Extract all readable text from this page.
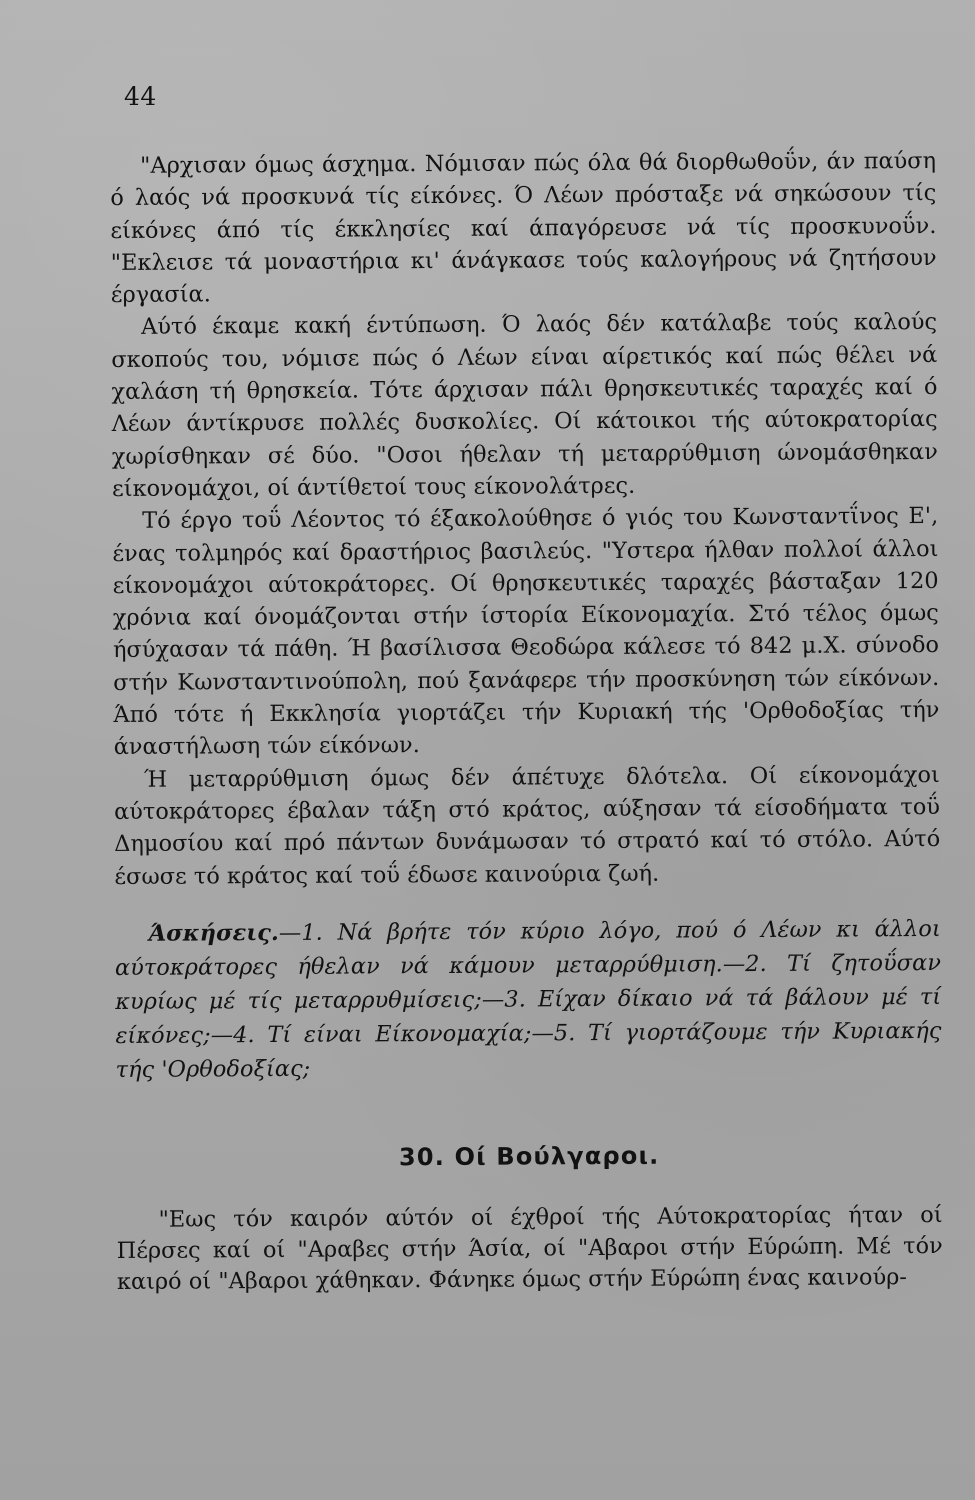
44

"Αρχισαν όμως άσχημα. Νόμισαν πώς όλα θά διορθωθοΰν, άν παύση ό λαός νά προσκυνά τίς είκόνες. Ό Λέων πρόσταξε νά σηκώσουν τίς είκόνες άπό τίς έκκλησίες καί άπαγόρευσε νά τίς προσκυνοΰν. "Εκλεισε τά μοναστήρια κι' άνάγκασε τούς καλογήρους νά ζητήσουν έργασία.

Αύτό έκαμε κακή έντύπωση. Ό λαός δέν κατάλαβε τούς καλούς σκοπούς του, νόμισε πώς ό Λέων είναι αίρετικός καί πώς θέλει νά χαλάση τή θρησκεία. Τότε άρχισαν πάλι θρησκευτικές ταραχές καί ό Λέων άντίκρυσε πολλές δυσκολίες. Οί κάτοικοι τής αύτοκρατορίας χωρίσθηκαν σέ δύο. "Οσοι ήθελαν τή μεταρρύθμιση ώνομάσθηκαν είκονομάχοι, οί άντίθετοί τους είκονολάτρες.

Τό έργο τοΰ Λέοντος τό έξακολούθησε ό γιός του Κωνσταντΐνος Ε', ένας τολμηρός καί δραστήριος βασιλεύς. "Υστερα ήλθαν πολλοί άλλοι είκονομάχοι αύτοκράτορες. Οί θρησκευτικές ταραχές βάσταξαν 120 χρόνια καί όνομάζονται στήν ίστορία Είκονομαχία. Στό τέλος όμως ήσύχασαν τά πάθη. Ή βασίλισσα Θεοδώρα κάλεσε τό 842 μ.Χ. σύνοδο στήν Κωνσταντινούπολη, πού ξανάφερε τήν προσκύνηση τών είκόνων. Άπό τότε ή Εκκλησία γιορτάζει τήν Κυριακή τής 'Ορθοδοξίας τήν άναστήλωση τών είκόνων.

Ή μεταρρύθμιση όμως δέν άπέτυχε δλότελα. Οί είκονομάχοι αύτοκράτορες έβαλαν τάξη στό κράτος, αύξησαν τά είσοδήματα τοΰ Δημοσίου καί πρό πάντων δυνάμωσαν τό στρατό καί τό στόλο. Αύτό έσωσε τό κράτος καί τοΰ έδωσε καινούρια ζωή.

Άσκήσεις.—1. Νά βρήτε τόν κύριο λόγο, πού ό Λέων κι άλλοι αύτοκράτορες ήθελαν νά κάμουν μεταρρύθμιση.—2. Τί ζητοΰσαν κυρίως μέ τίς μεταρρυθμίσεις;—3. Είχαν δίκαιο νά τά βάλουν μέ τί είκόνες;—4. Τί είναι Είκονομαχία;—5. Τί γιορτάζουμε τήν Κυριακής τής 'Ορθοδοξίας;

30. Οί Βούλγαροι.

"Εως τόν καιρόν αύτόν οί έχθροί τής Αύτοκρατορίας ήταν οί Πέρσες καί οί "Αραβες στήν Άσία, οί "Αβαροι στήν Εύρώπη. Μέ τόν καιρό οί "Αβαροι χάθηκαν. Φάνηκε όμως στήν Εύρώπη ένας καινούρ-
